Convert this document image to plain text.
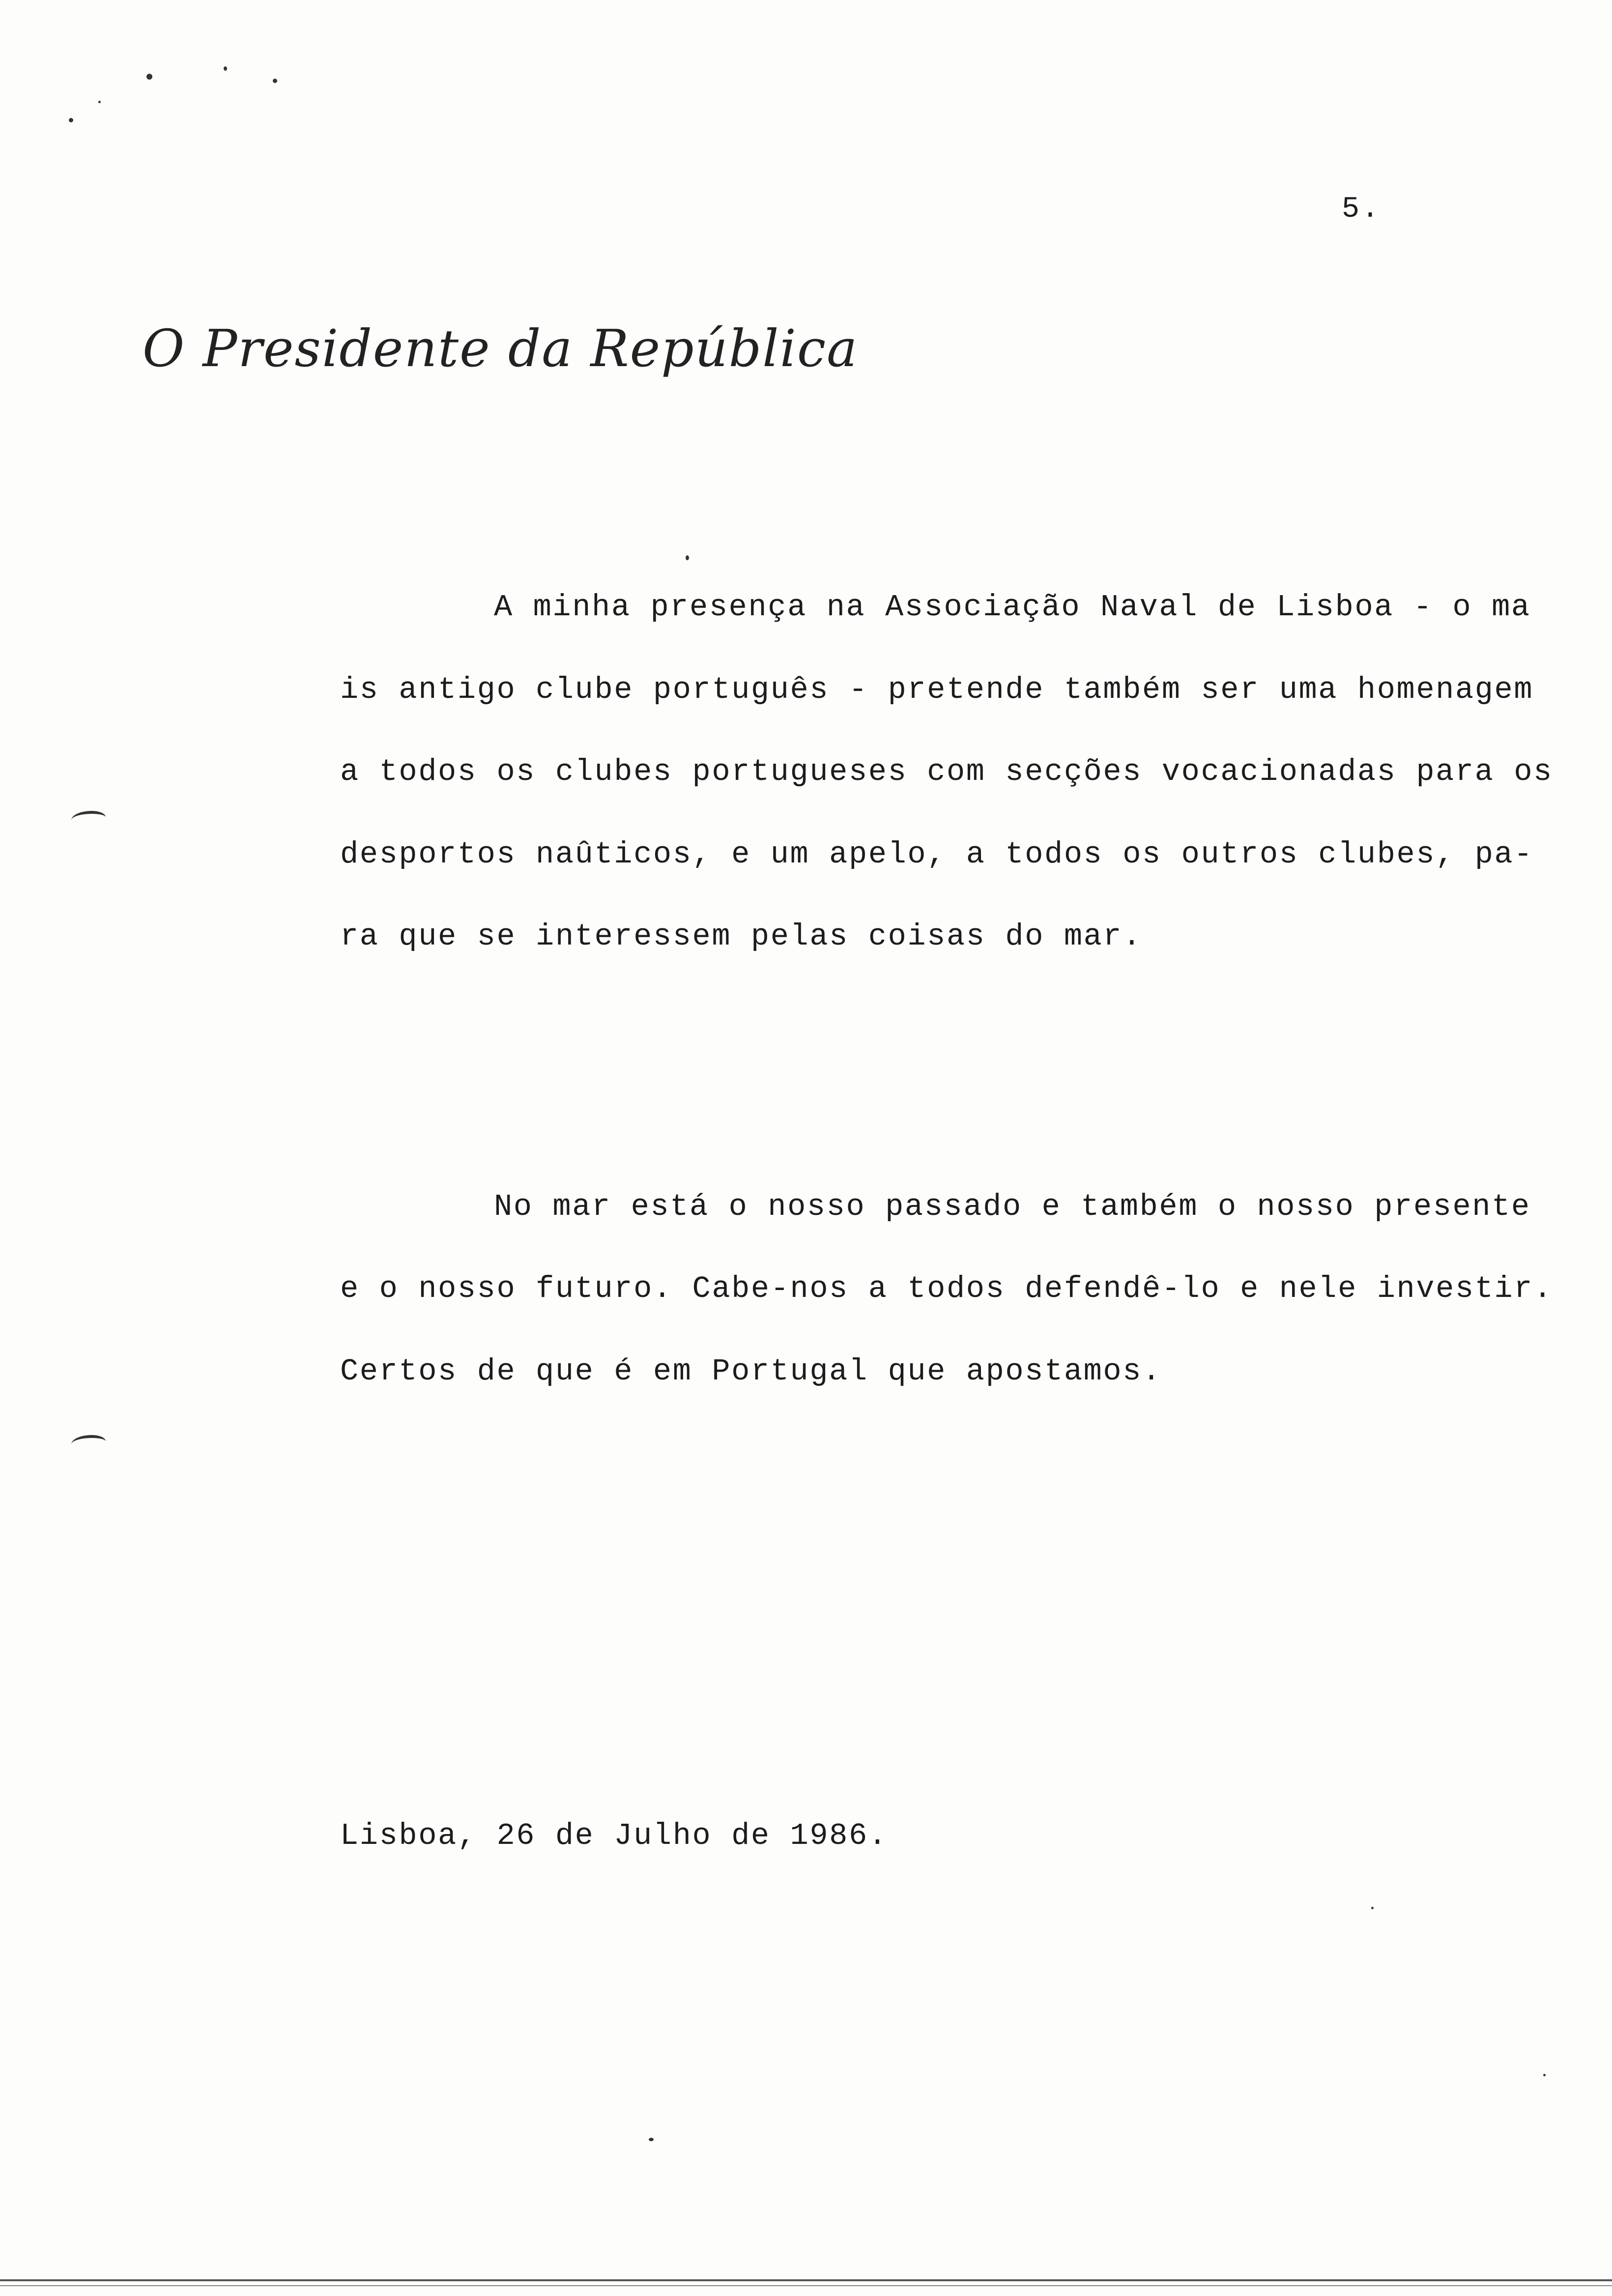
5.
O Presidente da República
A minha presença na Associação Naval de Lisboa - o ma
is antigo clube português - pretende também ser uma homenagem
a todos os clubes portugueses com secções vocacionadas para os
desportos naûticos, e um apelo, a todos os outros clubes, pa-
ra que se interessem pelas coisas do mar.
No mar está o nosso passado e também o nosso presente
e o nosso futuro. Cabe-nos a todos defendê-lo e nele investir.
Certos de que é em Portugal que apostamos.
Lisboa, 26 de Julho de 1986.
